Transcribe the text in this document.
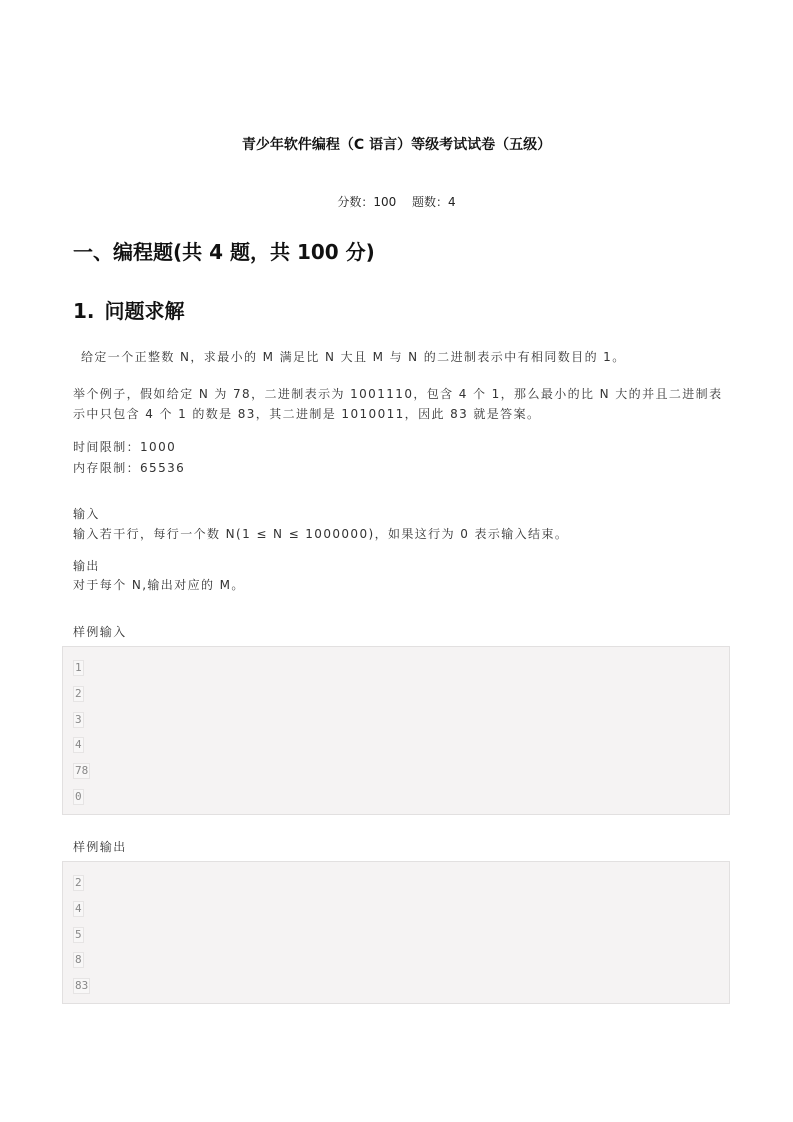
青少年软件编程（C 语言）等级考试试卷（五级）
分数：100 题数：4
一、编程题(共 4 题，共 100 分)
1. 问题求解

给定一个正整数 N，求最小的 M 满足比 N 大且 M 与 N 的二进制表示中有相同数目的 1。

举个例子，假如给定 N 为 78，二进制表示为 1001110，包含 4 个 1，那么最小的比 N 大的并且二进制表示中只包含 4 个 1 的数是 83，其二进制是 1010011，因此 83 就是答案。

时间限制：1000

内存限制：65536

输入

输入若干行，每行一个数 N(1 ≤ N ≤ 1000000)，如果这行为 0 表示输入结束。

输出

对于每个 N,输出对应的 M。

样例输入

1
2
3
4
78
0

样例输出

2
4
5
8
83
